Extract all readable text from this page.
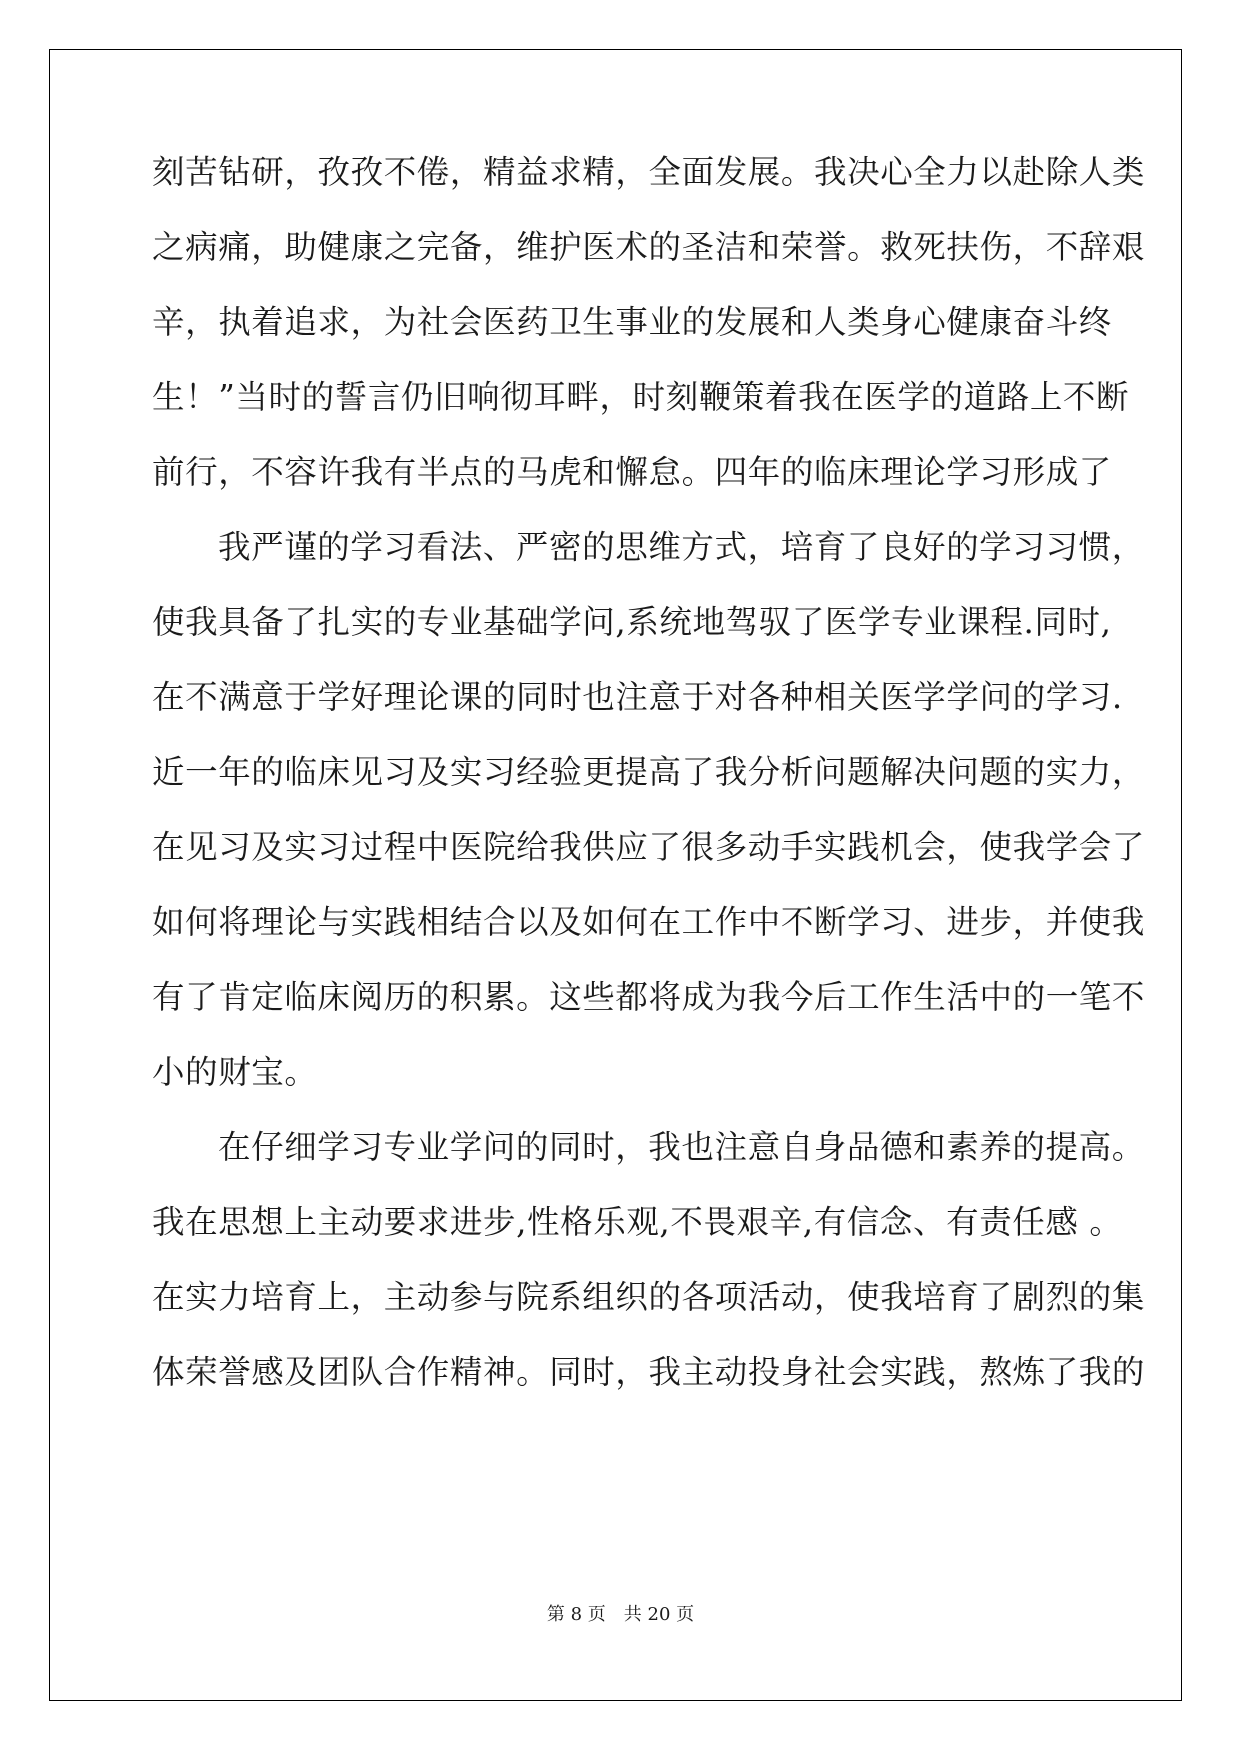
刻苦钻研，孜孜不倦，精益求精，全面发展。我决心全力以赴除人类
之病痛，助健康之完备，维护医术的圣洁和荣誉。救死扶伤，不辞艰
辛，执着追求，为社会医药卫生事业的发展和人类身心健康奋斗终
生！”当时的誓言仍旧响彻耳畔，时刻鞭策着我在医学的道路上不断
前行，不容许我有半点的马虎和懈怠。四年的临床理论学习形成了
我严谨的学习看法、严密的思维方式，培育了良好的学习习惯，
使我具备了扎实的专业基础学问,系统地驾驭了医学专业课程.同时,
在不满意于学好理论课的同时也注意于对各种相关医学学问的学习.
近一年的临床见习及实习经验更提高了我分析问题解决问题的实力，
在见习及实习过程中医院给我供应了很多动手实践机会，使我学会了
如何将理论与实践相结合以及如何在工作中不断学习、进步，并使我
有了肯定临床阅历的积累。这些都将成为我今后工作生活中的一笔不
小的财宝。
在仔细学习专业学问的同时，我也注意自身品德和素养的提高。
我在思想上主动要求进步,性格乐观,不畏艰辛,有信念、有责任感 。
在实力培育上，主动参与院系组织的各项活动，使我培育了剧烈的集
体荣誉感及团队合作精神。同时，我主动投身社会实践，熬炼了我的
第 8 页　共 20 页
